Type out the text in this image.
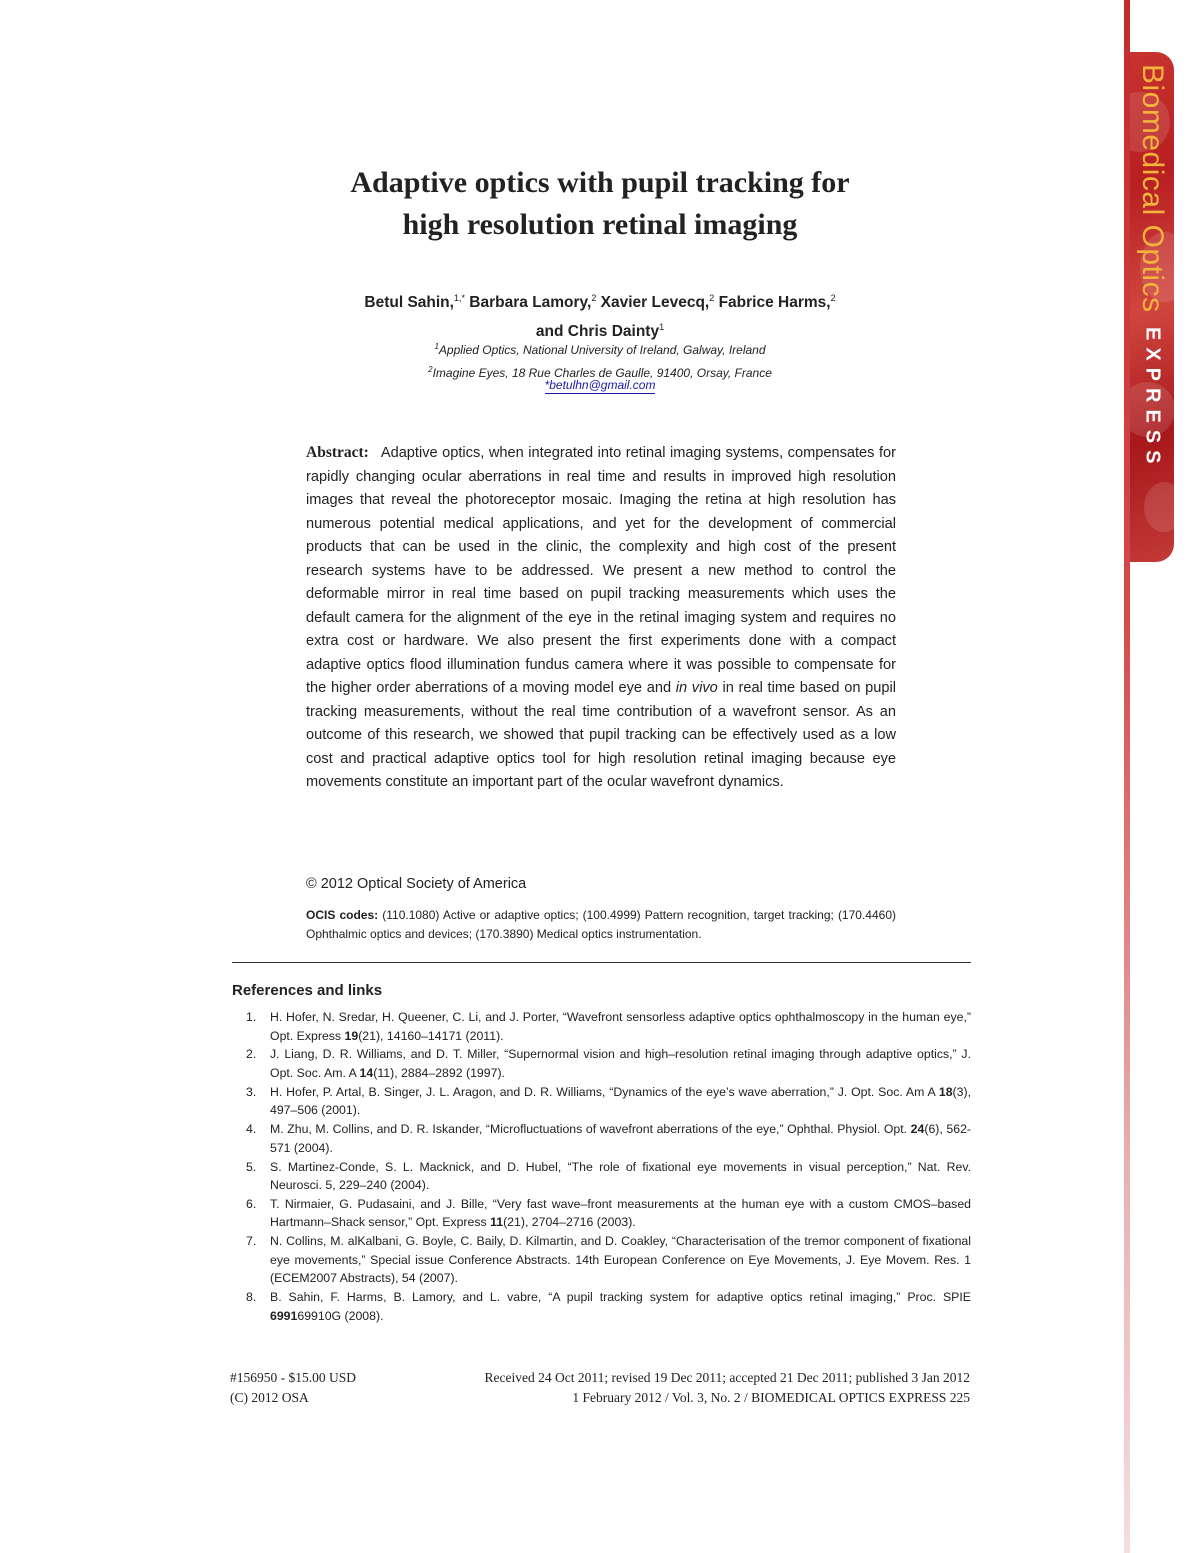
Biomedical Optics
EXPRESS
Adaptive optics with pupil tracking for
high resolution retinal imaging
Betul Sahin,$^{1,*}$ Barbara Lamory,$^2$ Xavier Levecq,$^2$ Fabrice Harms,$^2$
and Chris Dainty$^1$
$^1$Applied Optics, National University of Ireland, Galway, Ireland
$^2$Imagine Eyes, 18 Rue Charles de Gaulle, 91400, Orsay, France
*betulhn@gmail.com
Abstract: Adaptive optics, when integrated into retinal imaging systems, compensates for rapidly changing ocular aberrations in real time and results in improved high resolution images that reveal the photoreceptor mosaic. Imaging the retina at high resolution has numerous potential medical applications, and yet for the development of commercial products that can be used in the clinic, the complexity and high cost of the present research systems have to be addressed. We present a new method to control the deformable mirror in real time based on pupil tracking measurements which uses the default camera for the alignment of the eye in the retinal imaging system and requires no extra cost or hardware. We also present the first experiments done with a compact adaptive optics flood illumination fundus camera where it was possible to compensate for the higher order aberrations of a moving model eye and in vivo in real time based on pupil tracking measurements, without the real time contribution of a wavefront sensor. As an outcome of this research, we showed that pupil tracking can be effectively used as a low cost and practical adaptive optics tool for high resolution retinal imaging because eye movements constitute an important part of the ocular wavefront dynamics.
© 2012 Optical Society of America
OCIS codes: (110.1080) Active or adaptive optics; (100.4999) Pattern recognition, target tracking; (170.4460) Ophthalmic optics and devices; (170.3890) Medical optics instrumentation.
References and links
1. H. Hofer, N. Sredar, H. Queener, C. Li, and J. Porter, “Wavefront sensorless adaptive optics ophthalmoscopy in the human eye,” Opt. Express 19(21), 14160–14171 (2011).
2. J. Liang, D. R. Williams, and D. T. Miller, “Supernormal vision and high–resolution retinal imaging through adaptive optics,” J. Opt. Soc. Am. A 14(11), 2884–2892 (1997).
3. H. Hofer, P. Artal, B. Singer, J. L. Aragon, and D. R. Williams, “Dynamics of the eye’s wave aberration,” J. Opt. Soc. Am A 18(3), 497–506 (2001).
4. M. Zhu, M. Collins, and D. R. Iskander, “Microfluctuations of wavefront aberrations of the eye,” Ophthal. Physiol. Opt. 24(6), 562-571 (2004).
5. S. Martinez-Conde, S. L. Macknick, and D. Hubel, “The role of fixational eye movements in visual perception,” Nat. Rev. Neurosci. 5, 229–240 (2004).
6. T. Nirmaier, G. Pudasaini, and J. Bille, “Very fast wave–front measurements at the human eye with a custom CMOS–based Hartmann–Shack sensor,” Opt. Express 11(21), 2704–2716 (2003).
7. N. Collins, M. alKalbani, G. Boyle, C. Baily, D. Kilmartin, and D. Coakley, “Characterisation of the tremor component of fixational eye movements,” Special issue Conference Abstracts. 14th European Conference on Eye Movements, J. Eye Movem. Res. 1 (ECEM2007 Abstracts), 54 (2007).
8. B. Sahin, F. Harms, B. Lamory, and L. vabre, “A pupil tracking system for adaptive optics retinal imaging,” Proc. SPIE 699169910G (2008).
#156950 - $15.00 USD	Received 24 Oct 2011; revised 19 Dec 2011; accepted 21 Dec 2011; published 3 Jan 2012
(C) 2012 OSA	1 February 2012 / Vol. 3, No. 2 / BIOMEDICAL OPTICS EXPRESS 225
